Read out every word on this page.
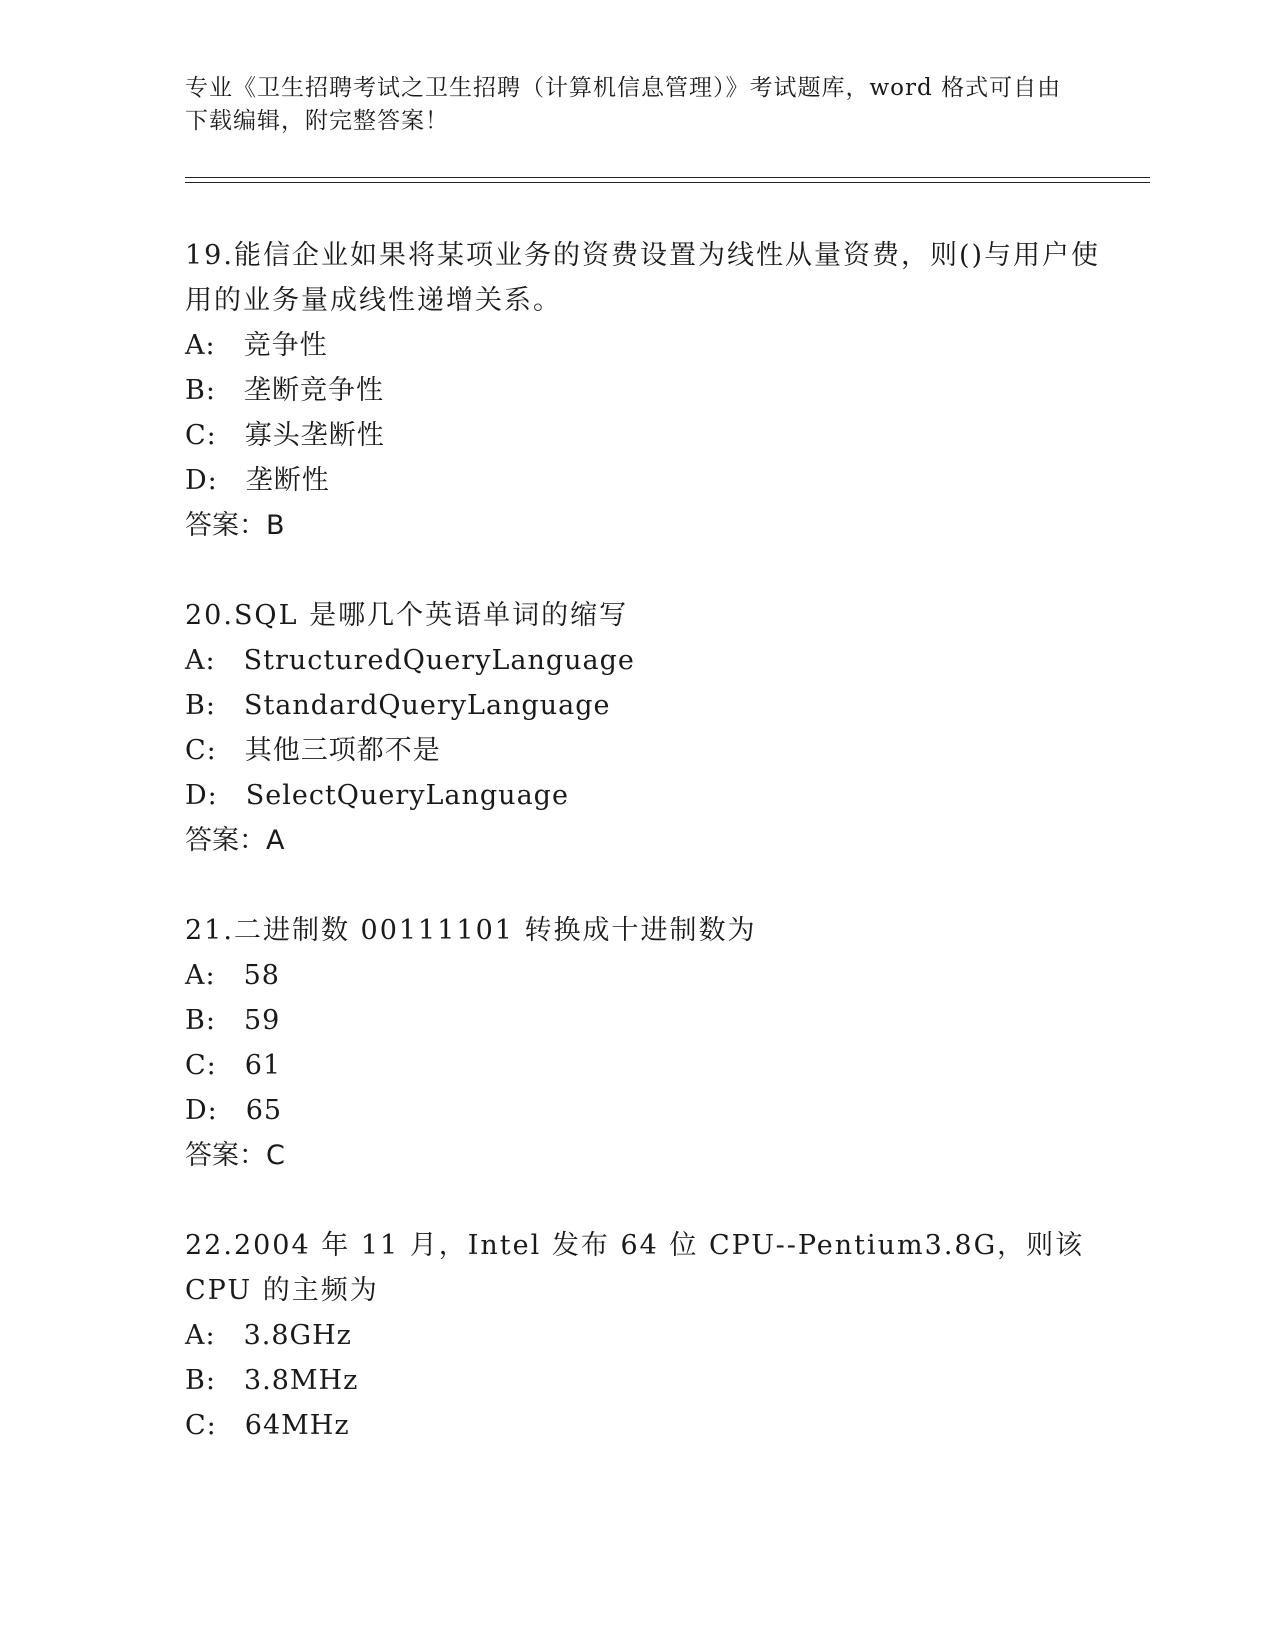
专业《卫生招聘考试之卫生招聘（计算机信息管理）》考试题库，word 格式可自由下载编辑，附完整答案！

19.能信企业如果将某项业务的资费设置为线性从量资费，则()与用户使用的业务量成线性递增关系。

A: 竞争性

B: 垄断竞争性

C: 寡头垄断性

D: 垄断性

答案：B

20.SQL 是哪几个英语单词的缩写

A: StructuredQueryLanguage

B: StandardQueryLanguage

C: 其他三项都不是

D: SelectQueryLanguage

答案：A

21.二进制数 00111101 转换成十进制数为

A: 58

B: 59

C: 61

D: 65

答案：C

22.2004 年 11 月，Intel 发布 64 位 CPU--Pentium3.8G，则该 CPU 的主频为

A: 3.8GHz

B: 3.8MHz

C: 64MHz
